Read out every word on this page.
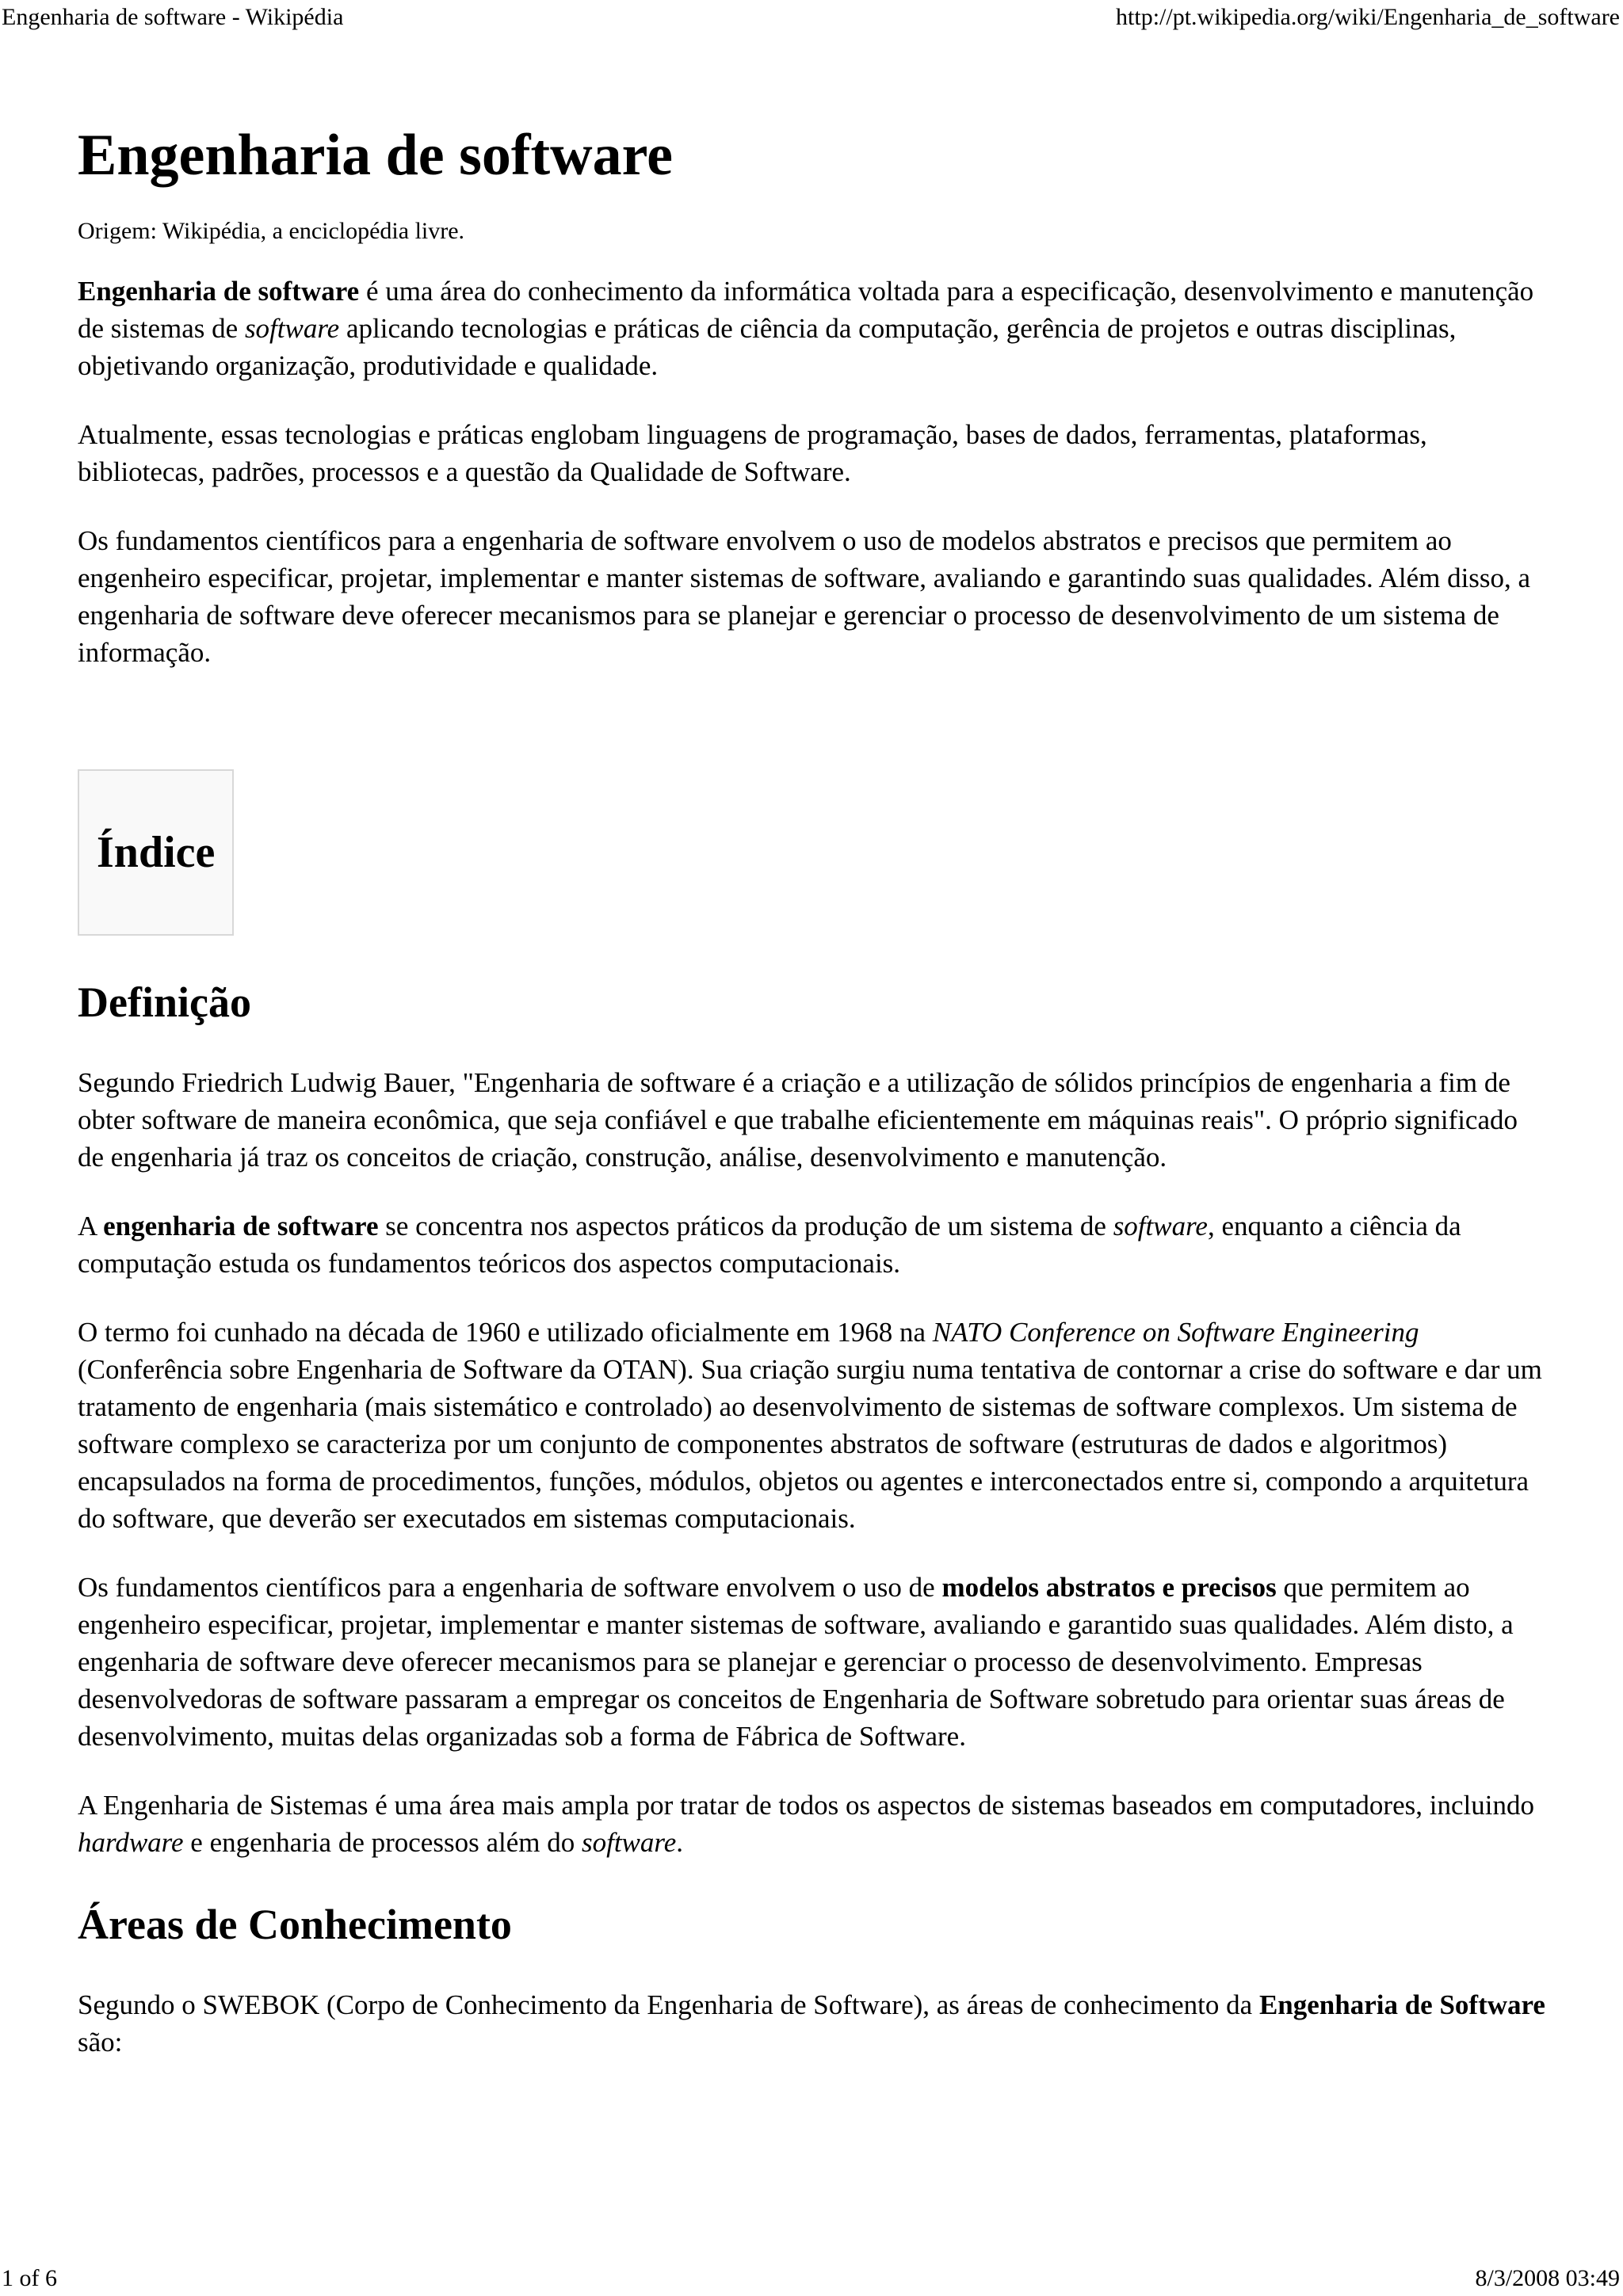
Engenharia de software - Wikipédia	http://pt.wikipedia.org/wiki/Engenharia_de_software
Engenharia de software
Origem: Wikipédia, a enciclopédia livre.

Engenharia de software é uma área do conhecimento da informática voltada para a especificação, desenvolvimento e manutenção de sistemas de software aplicando tecnologias e práticas de ciência da computação, gerência de projetos e outras disciplinas, objetivando organização, produtividade e qualidade.

Atualmente, essas tecnologias e práticas englobam linguagens de programação, bases de dados, ferramentas, plataformas, bibliotecas, padrões, processos e a questão da Qualidade de Software.

Os fundamentos científicos para a engenharia de software envolvem o uso de modelos abstratos e precisos que permitem ao engenheiro especificar, projetar, implementar e manter sistemas de software, avaliando e garantindo suas qualidades. Além disso, a engenharia de software deve oferecer mecanismos para se planejar e gerenciar o processo de desenvolvimento de um sistema de informação.

Índice
Definição

Segundo Friedrich Ludwig Bauer, "Engenharia de software é a criação e a utilização de sólidos princípios de engenharia a fim de obter software de maneira econômica, que seja confiável e que trabalhe eficientemente em máquinas reais". O próprio significado de engenharia já traz os conceitos de criação, construção, análise, desenvolvimento e manutenção.

A engenharia de software se concentra nos aspectos práticos da produção de um sistema de software, enquanto a ciência da computação estuda os fundamentos teóricos dos aspectos computacionais.

O termo foi cunhado na década de 1960 e utilizado oficialmente em 1968 na NATO Conference on Software Engineering (Conferência sobre Engenharia de Software da OTAN). Sua criação surgiu numa tentativa de contornar a crise do software e dar um tratamento de engenharia (mais sistemático e controlado) ao desenvolvimento de sistemas de software complexos. Um sistema de software complexo se caracteriza por um conjunto de componentes abstratos de software (estruturas de dados e algoritmos) encapsulados na forma de procedimentos, funções, módulos, objetos ou agentes e interconectados entre si, compondo a arquitetura do software, que deverão ser executados em sistemas computacionais.

Os fundamentos científicos para a engenharia de software envolvem o uso de modelos abstratos e precisos que permitem ao engenheiro especificar, projetar, implementar e manter sistemas de software, avaliando e garantido suas qualidades. Além disto, a engenharia de software deve oferecer mecanismos para se planejar e gerenciar o processo de desenvolvimento. Empresas desenvolvedoras de software passaram a empregar os conceitos de Engenharia de Software sobretudo para orientar suas áreas de desenvolvimento, muitas delas organizadas sob a forma de Fábrica de Software.

A Engenharia de Sistemas é uma área mais ampla por tratar de todos os aspectos de sistemas baseados em computadores, incluindo hardware e engenharia de processos além do software.

Áreas de Conhecimento

Segundo o SWEBOK (Corpo de Conhecimento da Engenharia de Software), as áreas de conhecimento da Engenharia de Software são:

1 of 6	8/3/2008 03:49
